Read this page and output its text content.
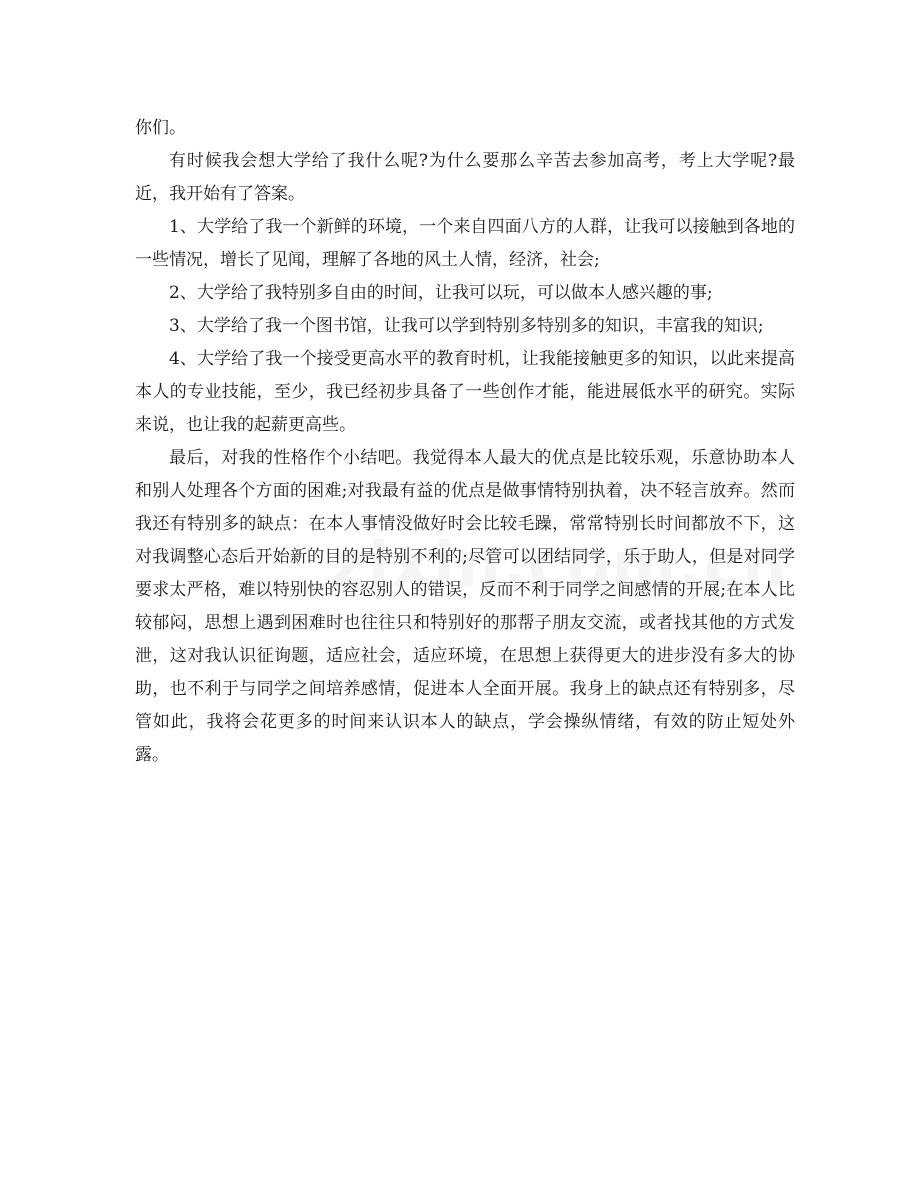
你们。

有时候我会想大学给了我什么呢?为什么要那么辛苦去参加高考，考上大学呢?最近，我开始有了答案。

1、大学给了我一个新鲜的环境，一个来自四面八方的人群，让我可以接触到各地的一些情况，增长了见闻，理解了各地的风土人情，经济，社会;

2、大学给了我特别多自由的时间，让我可以玩，可以做本人感兴趣的事;

3、大学给了我一个图书馆，让我可以学到特别多特别多的知识，丰富我的知识;

4、大学给了我一个接受更高水平的教育时机，让我能接触更多的知识，以此来提高本人的专业技能，至少，我已经初步具备了一些创作才能，能进展低水平的研究。实际来说，也让我的起薪更高些。

最后，对我的性格作个小结吧。我觉得本人最大的优点是比较乐观，乐意协助本人和别人处理各个方面的困难;对我最有益的优点是做事情特别执着，决不轻言放弃。然而我还有特别多的缺点：在本人事情没做好时会比较毛躁，常常特别长时间都放不下，这对我调整心态后开始新的目的是特别不利的;尽管可以团结同学，乐于助人，但是对同学要求太严格，难以特别快的容忍别人的错误，反而不利于同学之间感情的开展;在本人比较郁闷，思想上遇到困难时也往往只和特别好的那帮子朋友交流，或者找其他的方式发泄，这对我认识征询题，适应社会，适应环境，在思想上获得更大的进步没有多大的协助，也不利于与同学之间培养感情，促进本人全面开展。我身上的缺点还有特别多，尽管如此，我将会花更多的时间来认识本人的缺点，学会操纵情绪，有效的防止短处外露。
